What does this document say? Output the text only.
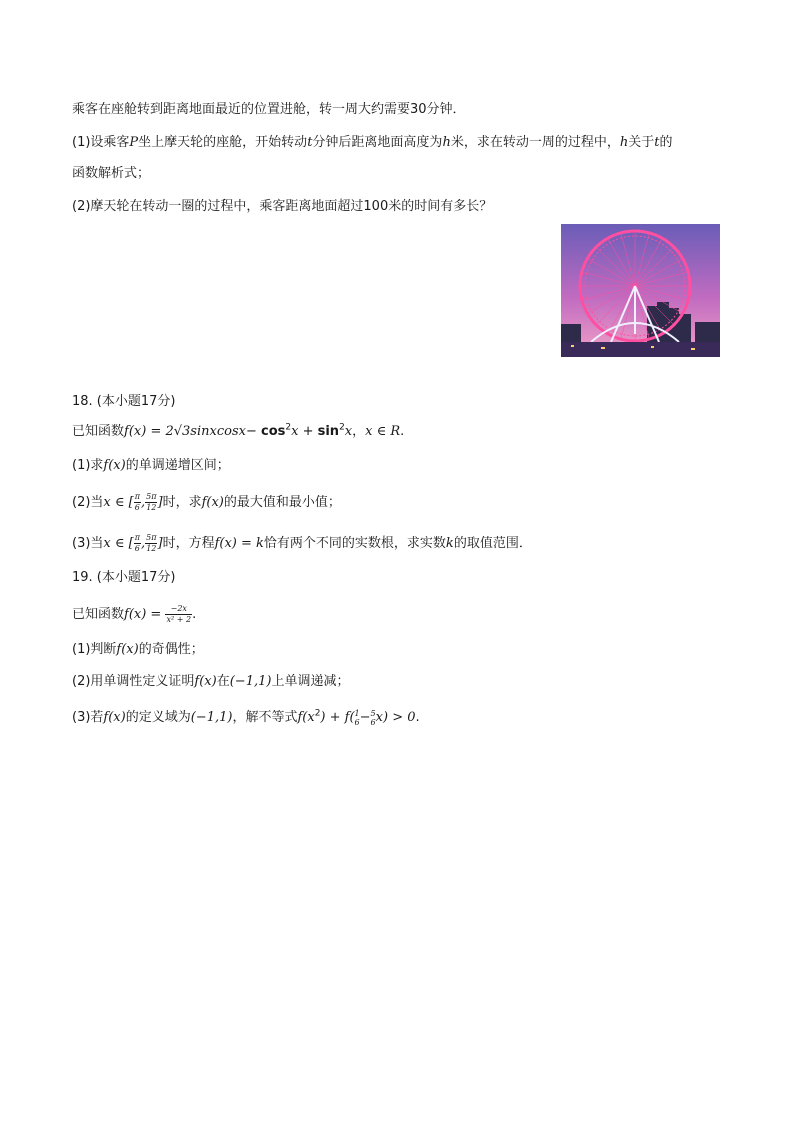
乘客在座舱转到距离地面最近的位置进舱，转一周大约需要30分钟．
(1)设乘客P坐上摩天轮的座舱，开始转动t分钟后距离地面高度为h米，求在转动一周的过程中，h关于t的
函数解析式；
(2)摩天轮在转动一圈的过程中，乘客距离地面超过100米的时间有多长？
18. (本小题17分)
已知函数f(x) = 2√3sinxcosx− $\cos^2x + \sin^2x$，x ∈ R.
(1)求f(x)的单调递增区间；
(2)当x ∈ [ $\frac{\pi}{6}$ , $\frac{5\pi}{12}$ ]时，求f(x)的最大值和最小值；
(3)当x ∈ [ $\frac{\pi}{6}$ , $\frac{5\pi}{12}$ ]时，方程f(x) = k恰有两个不同的实数根，求实数k的取值范围．
19. (本小题17分)
已知函数$f(x) = \frac{-2x}{\text{x² + 2}}$ .
(1)判断f(x)的奇偶性；
(2)用单调性定义证明f(x)在(−1,1)上单调递减；
(3)若f(x)的定义域为(−1,1)，解不等式$f(x^2) + f$( 1
6 − 5
6 x) > 0.
